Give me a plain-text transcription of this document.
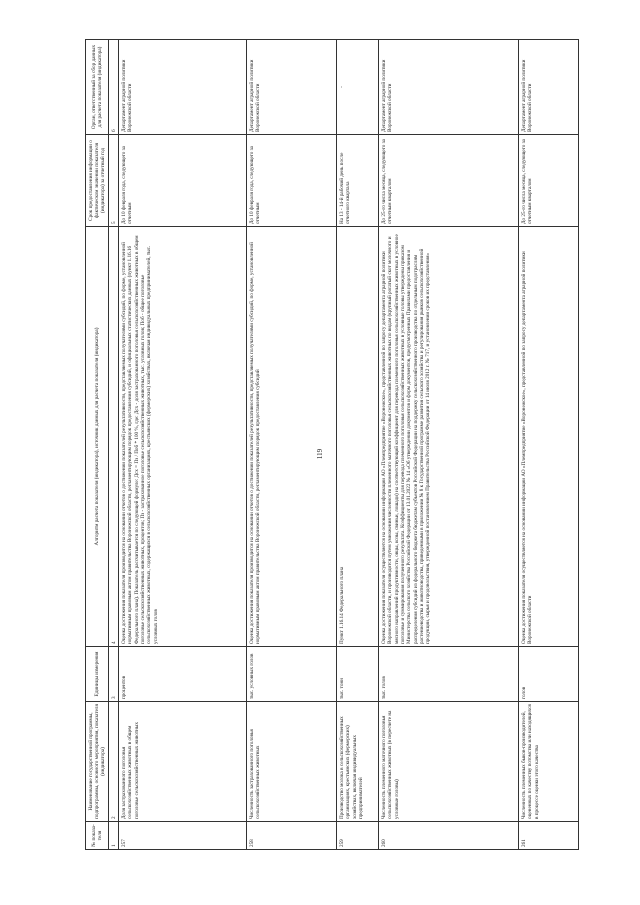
119
№ показа-теля	Наименование государственной программы, подпрограммы, основного мероприятия, показателя (индикатора)	Единицы измерения	Алгоритм расчета показателя (индикатора), источник данных для расчета показателя (индикатора)	Срок предоставления информации о фактическом значении показателя (индикатора) за отчетный год	Орган, ответственный за сбор данных для расчета показателя (индикатора)
1	2	3	4	5	6
257	Доля застрахованного поголовья сельскохозяйственных животных в общем поголовье сельскохозяйственных животных	процентов	Оценка достижения показателя производится на основании отчетов о достижении показателей результативности, представляемых получателями субсидий, по форме, установленной нормативным правовым актом правительства Воронежской области, регламентирующим порядок предоставления субсидий, и официальных статистических данных (пункт 1.16.16 Федерального плана). Показатель рассчитывается по следующей формуле: Дсх = Пз / Поб * 100 %, где: Дсх - доля застрахованного поголовья сельскохозяйственных животных в общем поголовье сельскохозяйственных животных, процентов; Пз - застрахованное поголовье сельскохозяйственных животных, тыс. условных голов; Поб - общее поголовье сельскохозяйственных животных, содержащихся в сельскохозяйственных организациях, крестьянских (фермерских) хозяйствах, включая индивидуальных предпринимателей, тыс. условных голов	До 10 февраля года, следующего за отчетным	Департамент аграрной политики Воронежской области
258	Численность застрахованного поголовья сельскохозяйственных животных	тыс. условных голов	Оценка достижения показателя производится на основании отчетов о достижении показателей результативности, представляемых получателями субсидий, по форме, установленной нормативным правовым актом правительства Воронежской области, регламентирующим порядок предоставления субсидий	До 10 февраля года, следующего за отчетным	Департамент аграрной политики Воронежской области
259	Производство молока в сельскохозяйственных организациях, крестьянских (фермерских) хозяйствах, включая индивидуальных предпринимателей	тыс. тонн	Пункт 1.16.14 Федерального плана	На 13 - 14-й рабочий день после отчетного квартала	-
260	Численность племенного маточного поголовья сельскохозяйственных животных (в пересчете на условные головы)	тыс. голов	Оценка достижения показателя осуществляется на основании информации АО «Племпредприятие «Воронежское», представленной по запросу департамента аграрной политики Воронежской области, и производится путем умножения численности племенного маточного поголовья сельскохозяйственных животных по видам (крупный рогатый скот молочного и мясного направлений продуктивности, овцы, козы, свиньи, лошади) на соответствующий коэффициент для перевода племенного поголовья сельскохозяйственных животных в условное поголовье и суммирования полученного результата. Коэффициенты для перевода племенного поголовья сельскохозяйственных животных в условные головы утверждены приказом Министерства сельского хозяйства Российской Федерации от 13.01.2022 № 14 «Об утверждении документов и форм документов, предусмотренных Правилами предоставления и распределения субсидий из федерального бюджета бюджетам субъектов Российской Федерации на поддержку сельскохозяйственного производства по отдельным подотраслям растениеводства и животноводства, приведенными в приложении № 8 к Государственной программе развития сельского хозяйства и регулирования рынков сельскохозяйственной продукции, сырья и продовольствия, утвержденной постановлением Правительства Российской Федерации от 14 июля 2012 г. № 717, и установлении сроков их представления»	До 25-го числа месяца, следующего за отчетным кварталом	Департамент аграрной политики Воронежской области
261	Численность племенных быков-производителей, оцененных по качеству потомства или находящихся в процессе оценки этого качества	голов	Оценка достижения показателя осуществляется на основании информации АО «Племпредприятие «Воронежское», представленной по запросу департамента аграрной политики Воронежской области	До 25-го числа месяца, следующего за отчетным кварталом	Департамент аграрной политики Воронежской области
